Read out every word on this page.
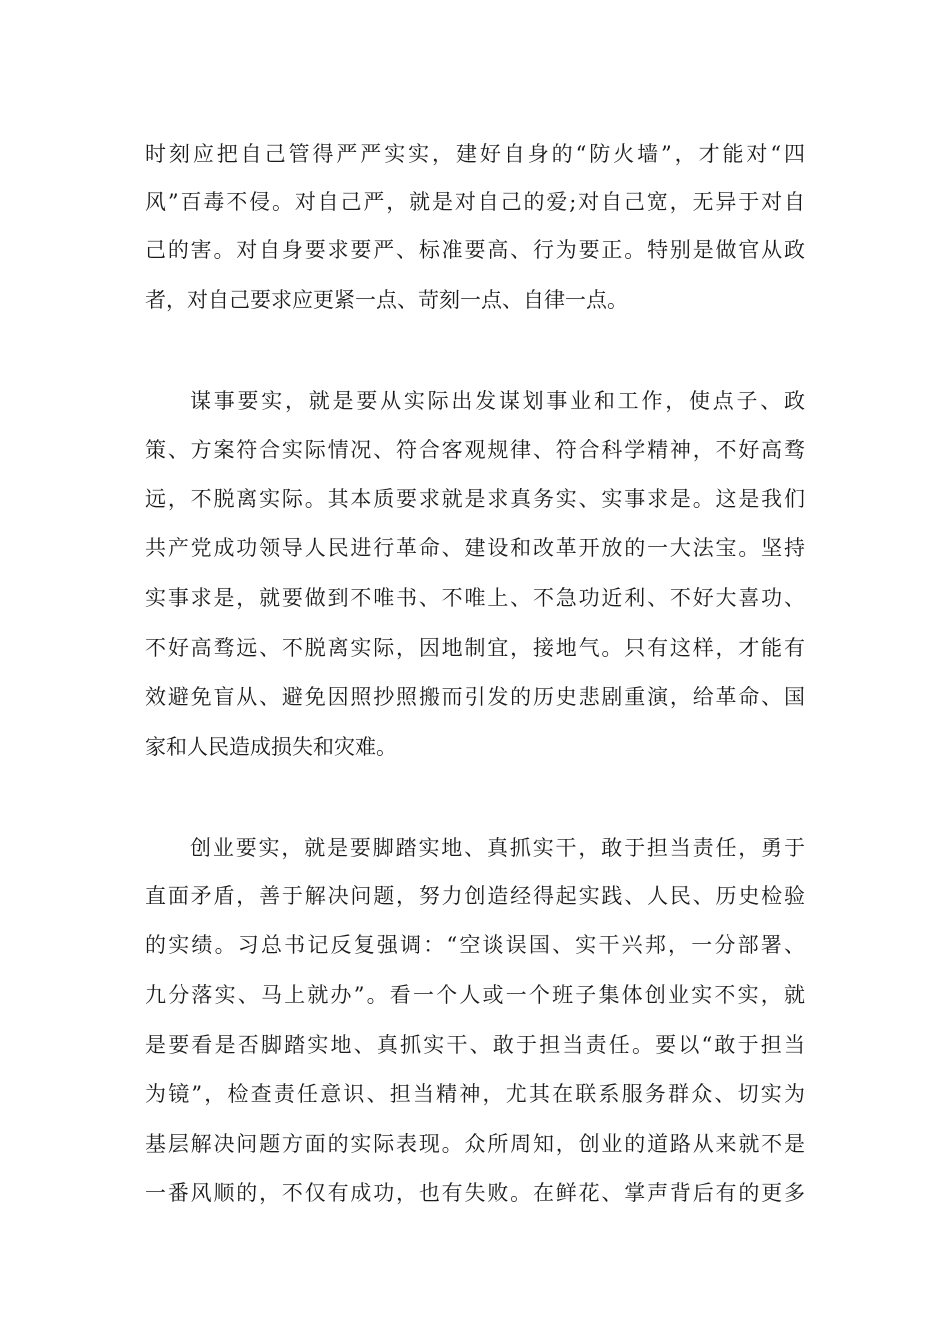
时刻应把自己管得严严实实，建好自身的“防火墙”，才能对“四
风”百毒不侵。对自己严，就是对自己的爱;对自己宽，无异于对自
己的害。对自身要求要严、标准要高、行为要正。特别是做官从政
者，对自己要求应更紧一点、苛刻一点、自律一点。
谋事要实，就是要从实际出发谋划事业和工作，使点子、政
策、方案符合实际情况、符合客观规律、符合科学精神，不好高骛
远，不脱离实际。其本质要求就是求真务实、实事求是。这是我们
共产党成功领导人民进行革命、建设和改革开放的一大法宝。坚持
实事求是，就要做到不唯书、不唯上、不急功近利、不好大喜功、
不好高骛远、不脱离实际，因地制宜，接地气。只有这样，才能有
效避免盲从、避免因照抄照搬而引发的历史悲剧重演，给革命、国
家和人民造成损失和灾难。
创业要实，就是要脚踏实地、真抓实干，敢于担当责任，勇于
直面矛盾，善于解决问题，努力创造经得起实践、人民、历史检验
的实绩。习总书记反复强调：“空谈误国、实干兴邦，一分部署、
九分落实、马上就办”。看一个人或一个班子集体创业实不实，就
是要看是否脚踏实地、真抓实干、敢于担当责任。要以“敢于担当
为镜”，检查责任意识、担当精神，尤其在联系服务群众、切实为
基层解决问题方面的实际表现。众所周知，创业的道路从来就不是
一番风顺的，不仅有成功，也有失败。在鲜花、掌声背后有的更多
